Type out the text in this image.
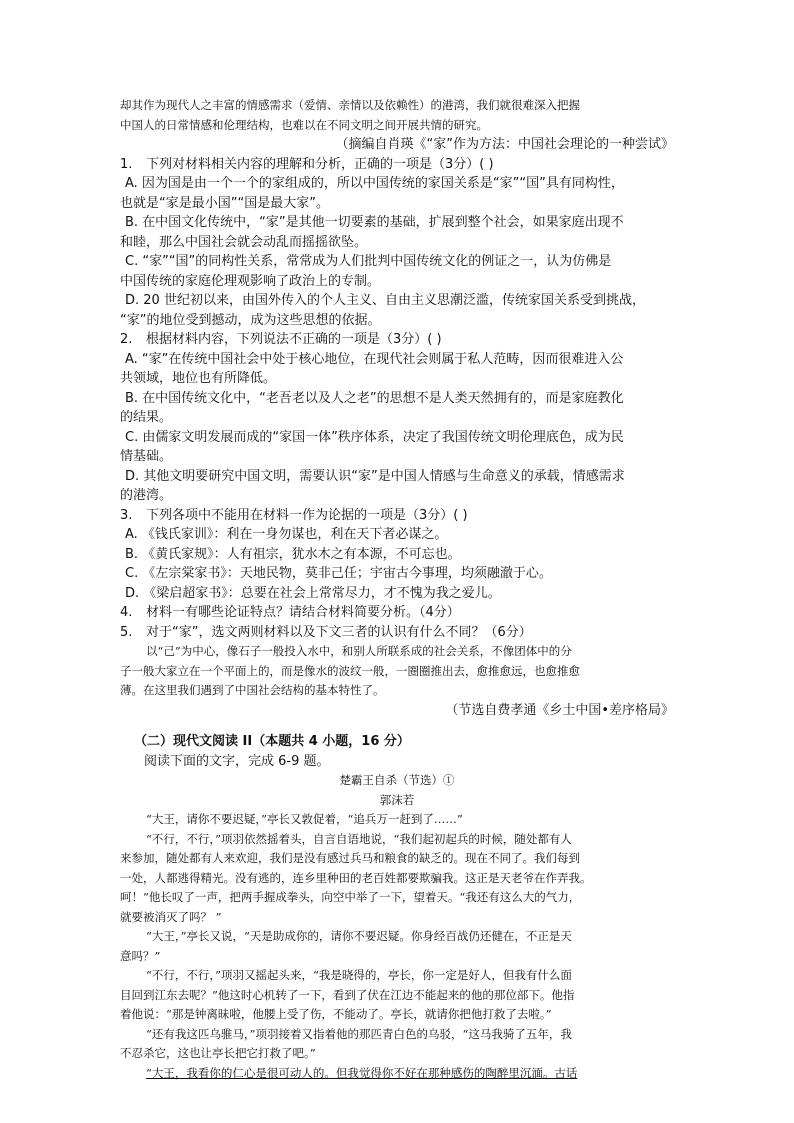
却其作为现代人之丰富的情感需求（爱情、亲情以及依赖性）的港湾，我们就很难深入把握
中国人的日常情感和伦理结构，也难以在不同文明之间开展共情的研究。
（摘编自肖瑛《“家”作为方法：中国社会理论的一种尝试》
1. 下列对材料相关内容的理解和分析，正确的一项是（3分）( )
A. 因为国是由一个一个的家组成的，所以中国传统的家国关系是“家”“国”具有同构性，
也就是“家是最小国”“国是最大家”。
B. 在中国文化传统中，“家”是其他一切要素的基础，扩展到整个社会，如果家庭出现不
和睦，那么中国社会就会动乱而摇摇欲坠。
C. “家”“国”的同构性关系，常常成为人们批判中国传统文化的例证之一，认为仿佛是
中国传统的家庭伦理观影响了政治上的专制。
D. 20 世纪初以来，由国外传入的个人主义、自由主义思潮泛滥，传统家国关系受到挑战，
“家”的地位受到撼动，成为这些思想的依据。
2. 根据材料内容，下列说法不正确的一项是（3分）( )
A. “家”在传统中国社会中处于核心地位，在现代社会则属于私人范畴，因而很难进入公
共领域，地位也有所降低。
B. 在中国传统文化中，“老吾老以及人之老”的思想不是人类天然拥有的，而是家庭教化
的结果。
C. 由儒家文明发展而成的“家国一体”秩序体系，决定了我国传统文明伦理底色，成为民
情基础。
D. 其他文明要研究中国文明，需要认识“家”是中国人情感与生命意义的承载，情感需求
的港湾。
3. 下列各项中不能用在材料一作为论据的一项是（3分）( )
A. 《钱氏家训》：利在一身勿谋也，利在天下者必谋之。
B. 《黄氏家规》：人有祖宗，犹水木之有本源，不可忘也。
C. 《左宗棠家书》：天地民物，莫非己任；宇宙古今事理，均须融澈于心。
D. 《梁启超家书》：总要在社会上常常尽力，才不愧为我之爱儿。
4. 材料一有哪些论证特点？请结合材料简要分析。（4分）
5. 对于“家”，选文两则材料以及下文三者的认识有什么不同？（6分）
以“己”为中心，像石子一般投入水中，和别人所联系成的社会关系，不像团体中的分
子一般大家立在一个平面上的，而是像水的波纹一般，一圈圈推出去，愈推愈远，也愈推愈
薄。在这里我们遇到了中国社会结构的基本特性了。
（节选自费孝通《乡土中国•差序格局》
（二）现代文阅读 II（本题共 4 小题，16 分）
阅读下面的文字，完成 6-9 题。
楚霸王自杀（节选）①
郭沫若
“大王，请你不要迟疑，”亭长又敦促着，“追兵万一赶到了……”
“不行，不行，”项羽依然摇着头，自言自语地说，“我们起初起兵的时候，随处都有人
来参加，随处都有人来欢迎，我们是没有感过兵马和粮食的缺乏的。现在不同了。我们每到
一处，人都逃得精光。没有逃的，连乡里种田的老百姓都要欺骗我。这正是天老爷在作弄我。
呵！”他长叹了一声，把两手握成拳头，向空中举了一下，望着天。“我还有这么大的气力，
就要被消灭了吗？ ”
“大王，”亭长又说，“天是助成你的，请你不要迟疑。你身经百战仍还健在，不正是天
意吗？”
“不行，不行，”项羽又摇起头来，“我是晓得的，亭长，你一定是好人，但我有什么面
目回到江东去呢？”他这时心机转了一下，看到了伏在江边不能起来的他的那位部下。他指
着他说：“那是钟离昧啦，他腰上受了伤，不能动了。亭长，就请你把他打救了去啦。”
“还有我这匹乌骓马，”项羽接着又指着他的那匹青白色的乌驳，“这马我骑了五年，我
不忍杀它，这也让亭长把它打救了吧。”
“大王，我看你的仁心是很可动人的。但我觉得你不好在那种感伤的陶醉里沉湎。古话
